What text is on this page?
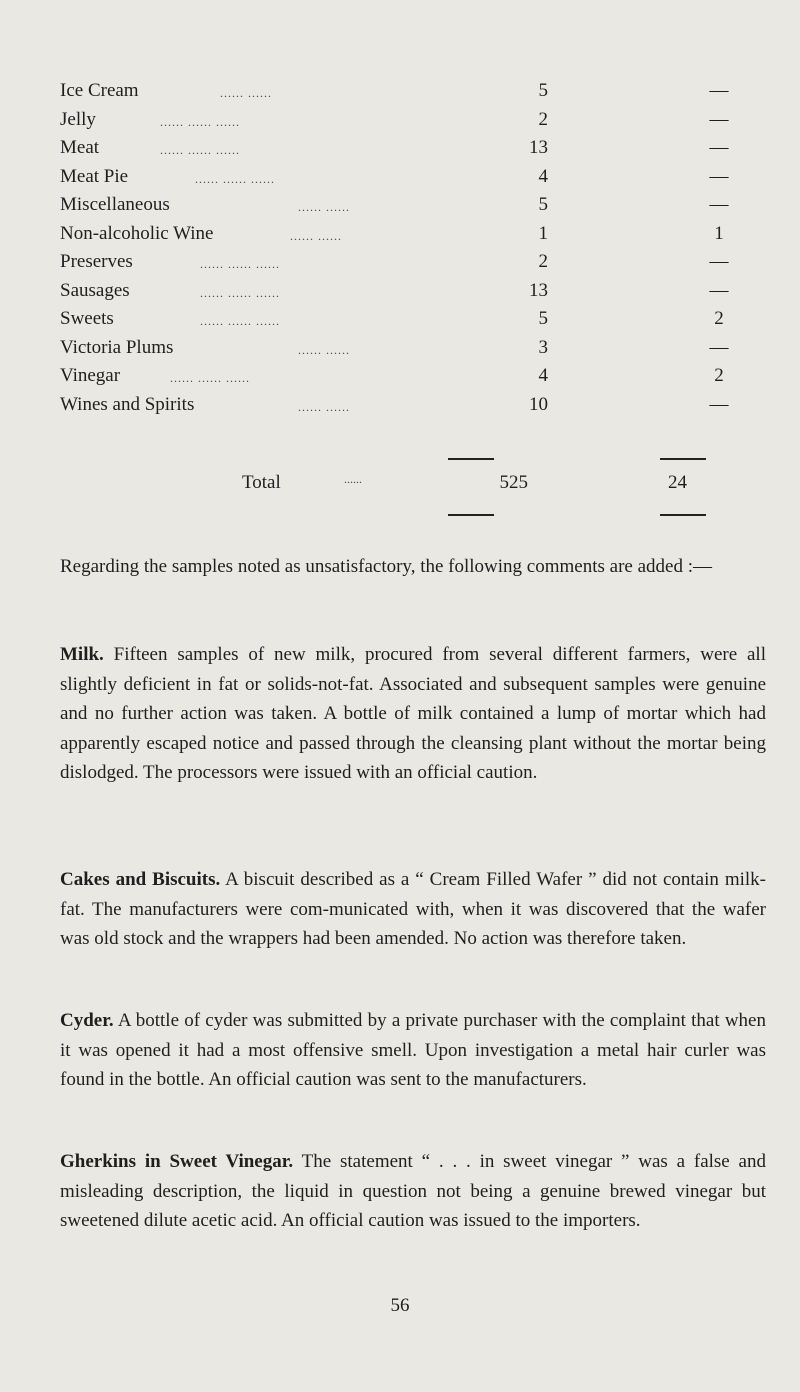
Ice Cream	...... ......	5	—
Jelly	...... ...... ......	2	—
Meat	...... ...... ......	13	—
Meat Pie	...... ...... ......	4	—
Miscellaneous	...... ......	5	—
Non-alcoholic Wine	...... ......	1	1
Preserves	...... ...... ......	2	—
Sausages	...... ...... ......	13	—
Sweets	...... ...... ......	5	2
Victoria Plums	...... ......	3	—
Vinegar	...... ...... ......	4	2
Wines and Spirits	...... ......	10	—
Total	......	525	24

Regarding the samples noted as unsatisfactory, the following comments are added :—

Milk. Fifteen samples of new milk, procured from several different farmers, were all slightly deficient in fat or solids-not-fat. Associated and subsequent samples were genuine and no further action was taken. A bottle of milk contained a lump of mortar which had apparently escaped notice and passed through the cleansing plant without the mortar being dislodged. The processors were issued with an official caution.

Cakes and Biscuits. A biscuit described as a “ Cream Filled Wafer ” did not contain milk-fat. The manufacturers were com-municated with, when it was discovered that the wafer was old stock and the wrappers had been amended. No action was therefore taken.

Cyder. A bottle of cyder was submitted by a private purchaser with the complaint that when it was opened it had a most offensive smell. Upon investigation a metal hair curler was found in the bottle. An official caution was sent to the manufacturers.

Gherkins in Sweet Vinegar. The statement “ . . . in sweet vinegar ” was a false and misleading description, the liquid in question not being a genuine brewed vinegar but sweetened dilute acetic acid. An official caution was issued to the importers.

56
